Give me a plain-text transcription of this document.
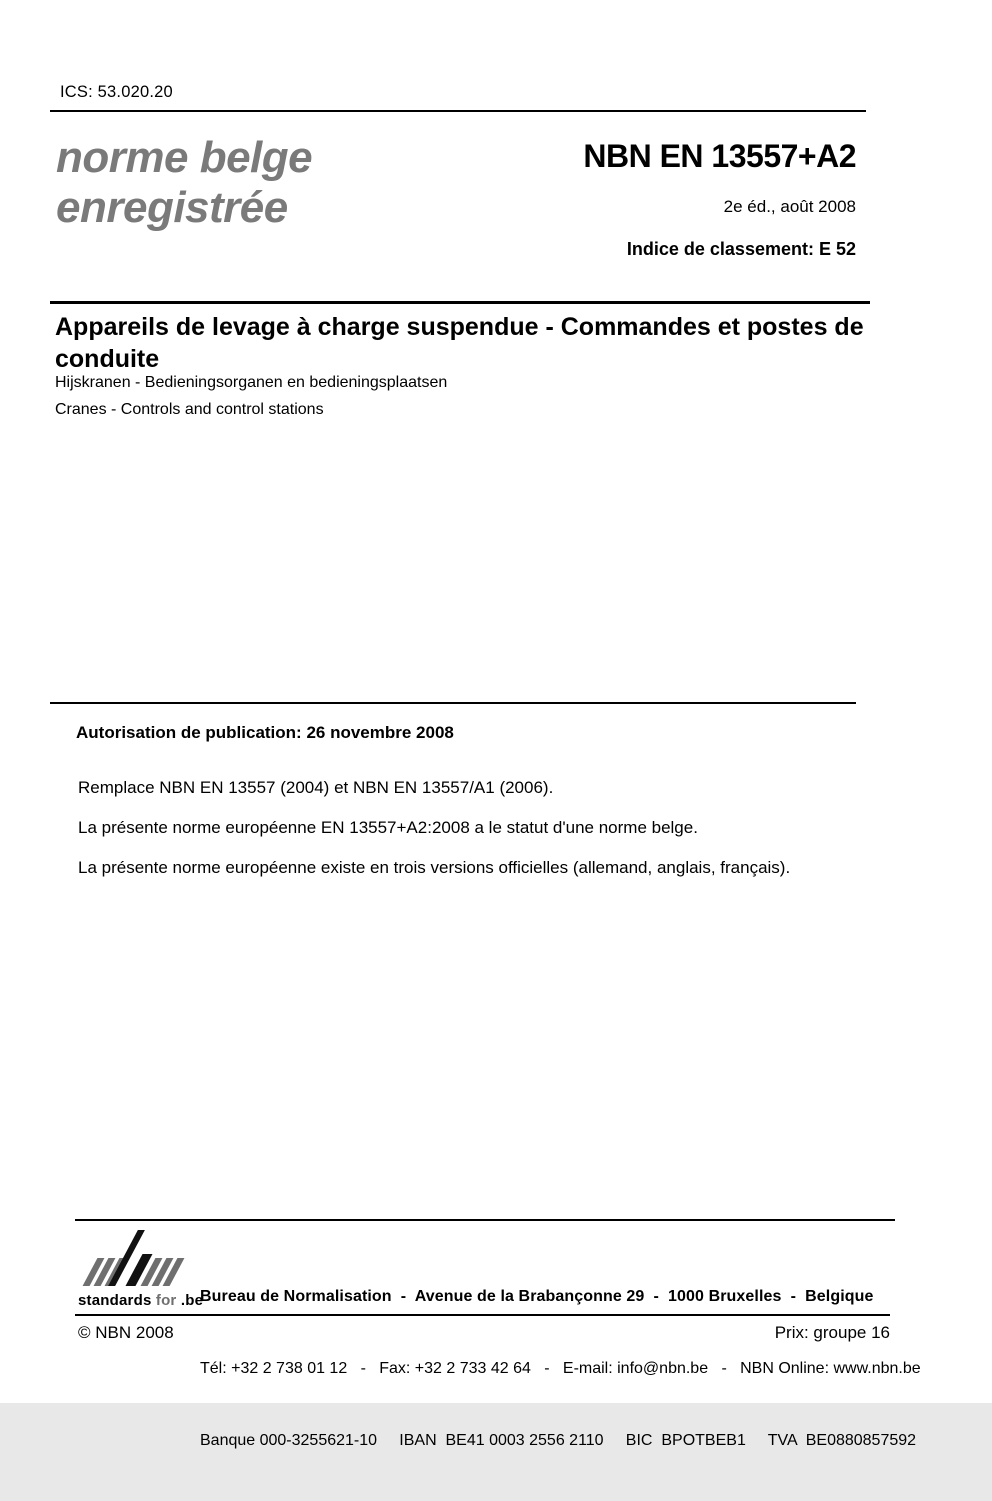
ICS: 53.020.20
norme belge
enregistrée
NBN EN 13557+A2
2e éd., août 2008
Indice de classement: E 52
Appareils de levage à charge suspendue - Commandes et postes de conduite
Hijskranen - Bedieningsorganen en bedieningsplaatsen
Cranes - Controls and control stations
Autorisation de publication: 26 novembre 2008

Remplace NBN EN 13557 (2004) et NBN EN 13557/A1 (2006).

La présente norme européenne EN 13557+A2:2008 a le statut d'une norme belge.

La présente norme européenne existe en trois versions officielles (allemand, anglais, français).

standards for .be

Bureau de Normalisation  -  Avenue de la Brabançonne 29  -  1000 Bruxelles  -  Belgique

Tél: +32 2 738 01 12   -   Fax: +32 2 733 42 64   -   E-mail: info@nbn.be   -   NBN Online: www.nbn.be

Banque 000-3255621-10     IBAN  BE41 0003 2556 2110     BIC  BPOTBEB1     TVA  BE0880857592

© NBN 2008	Prix: groupe 16
